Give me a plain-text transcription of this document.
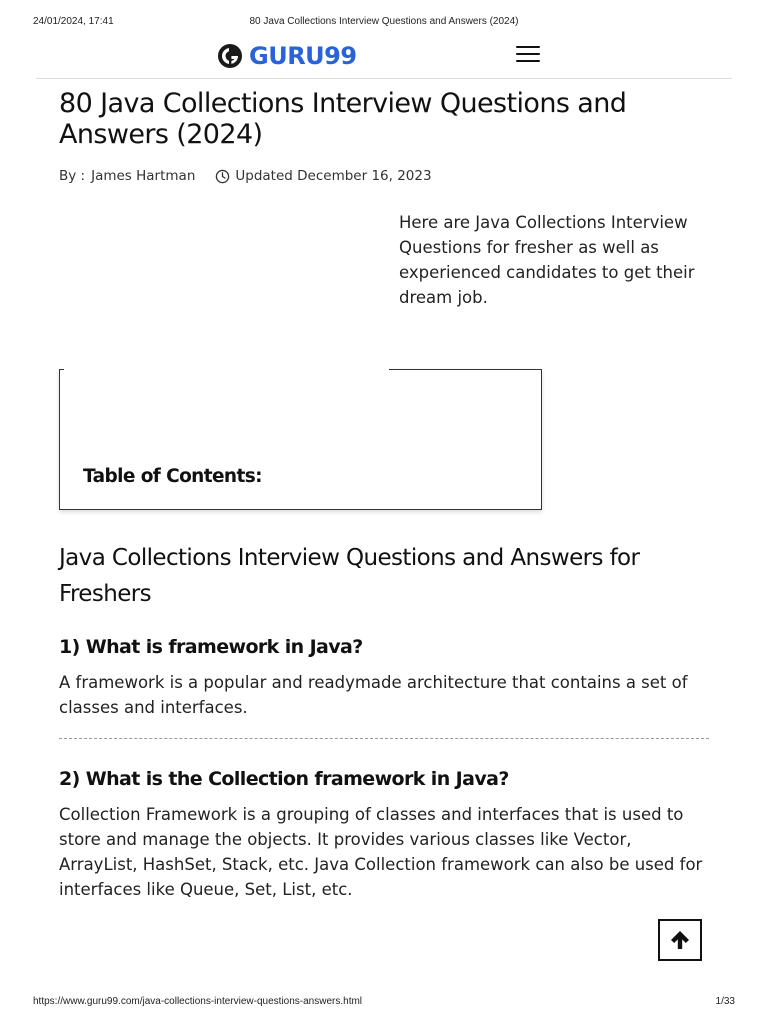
24/01/2024, 17:41	80 Java Collections Interview Questions and Answers (2024)
GURU99
80 Java Collections Interview Questions and Answers (2024)
By : James Hartman	Updated December 16, 2023

Here are Java Collections Interview Questions for fresher as well as experienced candidates to get their dream job.

Table of Contents:
Java Collections Interview Questions and Answers for Freshers
1) What is framework in Java?

A framework is a popular and readymade architecture that contains a set of classes and interfaces.

2) What is the Collection framework in Java?

Collection Framework is a grouping of classes and interfaces that is used to store and manage the objects. It provides various classes like Vector, ArrayList, HashSet, Stack, etc. Java Collection framework can also be used for interfaces like Queue, Set, List, etc.

https://www.guru99.com/java-collections-interview-questions-answers.html	1/33
